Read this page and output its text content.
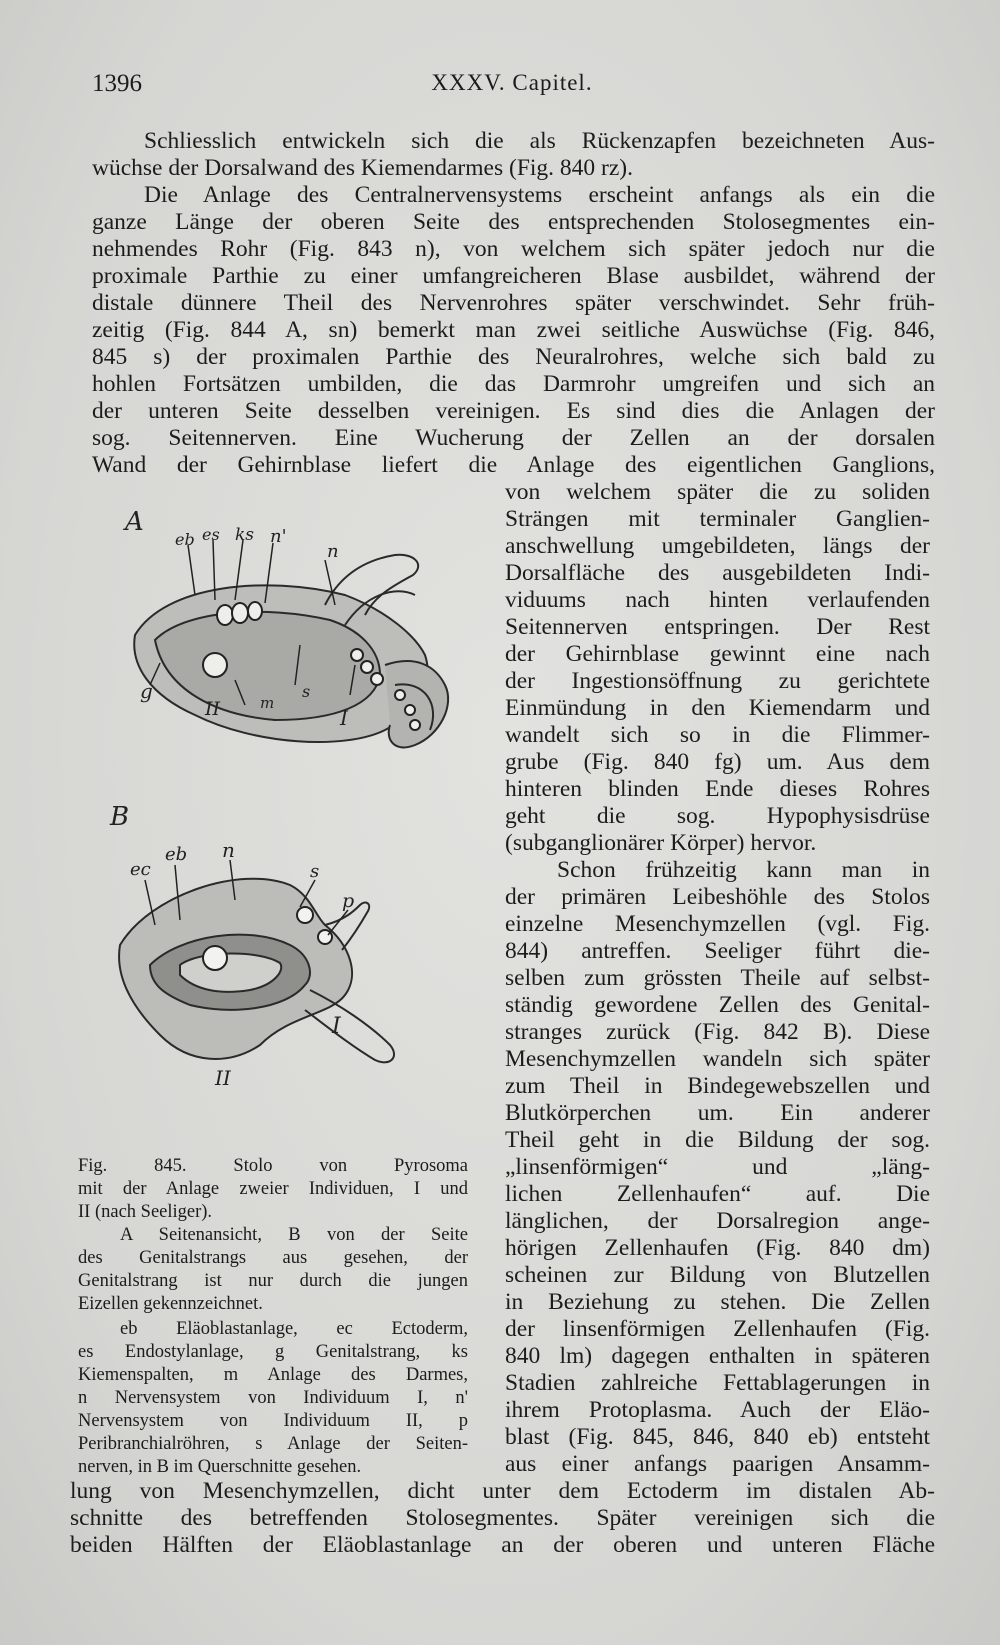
1396	XXXV. Capitel.
Schliesslich entwickeln sich die als Rückenzapfen bezeichneten Aus-
wüchse der Dorsalwand des Kiemendarmes (Fig. 840 rz).
Die Anlage des Centralnervensystems erscheint anfangs als ein die
ganze Länge der oberen Seite des entsprechenden Stolosegmentes ein-
nehmendes Rohr (Fig. 843 n), von welchem sich später jedoch nur die
proximale Parthie zu einer umfangreicheren Blase ausbildet, während der
distale dünnere Theil des Nervenrohres später verschwindet. Sehr früh-
zeitig (Fig. 844 A, sn) bemerkt man zwei seitliche Auswüchse (Fig. 846,
845 s) der proximalen Parthie des Neuralrohres, welche sich bald zu
hohlen Fortsätzen umbilden, die das Darmrohr umgreifen und sich an
der unteren Seite desselben vereinigen. Es sind dies die Anlagen der
sog. Seitennerven. Eine Wucherung der Zellen an der dorsalen
Wand der Gehirnblase liefert die Anlage des eigentlichen Ganglions,
von welchem später die zu soliden
Strängen mit terminaler Ganglien-
anschwellung umgebildeten, längs der
Dorsalfläche des ausgebildeten Indi-
viduums nach hinten verlaufenden
Seitennerven entspringen. Der Rest
der Gehirnblase gewinnt eine nach
der Ingestionsöffnung zu gerichtete
Einmündung in den Kiemendarm und
wandelt sich so in die Flimmer-
grube (Fig. 840 fg) um. Aus dem
hinteren blinden Ende dieses Rohres
geht die sog. Hypophysisdrüse
(subganglionärer Körper) hervor.
Schon frühzeitig kann man in
der primären Leibeshöhle des Stolos
einzelne Mesenchymzellen (vgl. Fig.
844) antreffen. Seeliger führt die-
selben zum grössten Theile auf selbst-
ständig gewordene Zellen des Genital-
stranges zurück (Fig. 842 B). Diese
Mesenchymzellen wandeln sich später
zum Theil in Bindegewebszellen und
Blutkörperchen um. Ein anderer
Theil geht in die Bildung der sog.
„linsenförmigen“ und „läng-
lichen Zellenhaufen“ auf. Die
länglichen, der Dorsalregion ange-
hörigen Zellenhaufen (Fig. 840 dm)
scheinen zur Bildung von Blutzellen
in Beziehung zu stehen. Die Zellen
der linsenförmigen Zellenhaufen (Fig.
840 lm) dagegen enthalten in späteren
Stadien zahlreiche Fettablagerungen in
ihrem Protoplasma. Auch der Eläo-
blast (Fig. 845, 846, 840 eb) entsteht
aus einer anfangs paarigen Ansamm-
lung von Mesenchymzellen, dicht unter dem Ectoderm im distalen Ab-
schnitte des betreffenden Stolosegmentes. Später vereinigen sich die
beiden Hälften der Eläoblastanlage an der oberen und unteren Fläche
A
eb es ks n'
n
g
II	m
s
I
B
ec
eb n
s
p
I
II
Fig. 845. Stolo von Pyrosoma
mit der Anlage zweier Individuen, I und
II (nach Seeliger).
A Seitenansicht, B von der Seite
des Genitalstrangs aus gesehen, der
Genitalstrang ist nur durch die jungen
Eizellen gekennzeichnet.
eb Eläoblastanlage, ec Ectoderm,
es Endostylanlage, g Genitalstrang, ks
Kiemenspalten, m Anlage des Darmes,
n Nervensystem von Individuum I, n'
Nervensystem von Individuum II, p
Peribranchialröhren, s Anlage der Seiten-
nerven, in B im Querschnitte gesehen.
